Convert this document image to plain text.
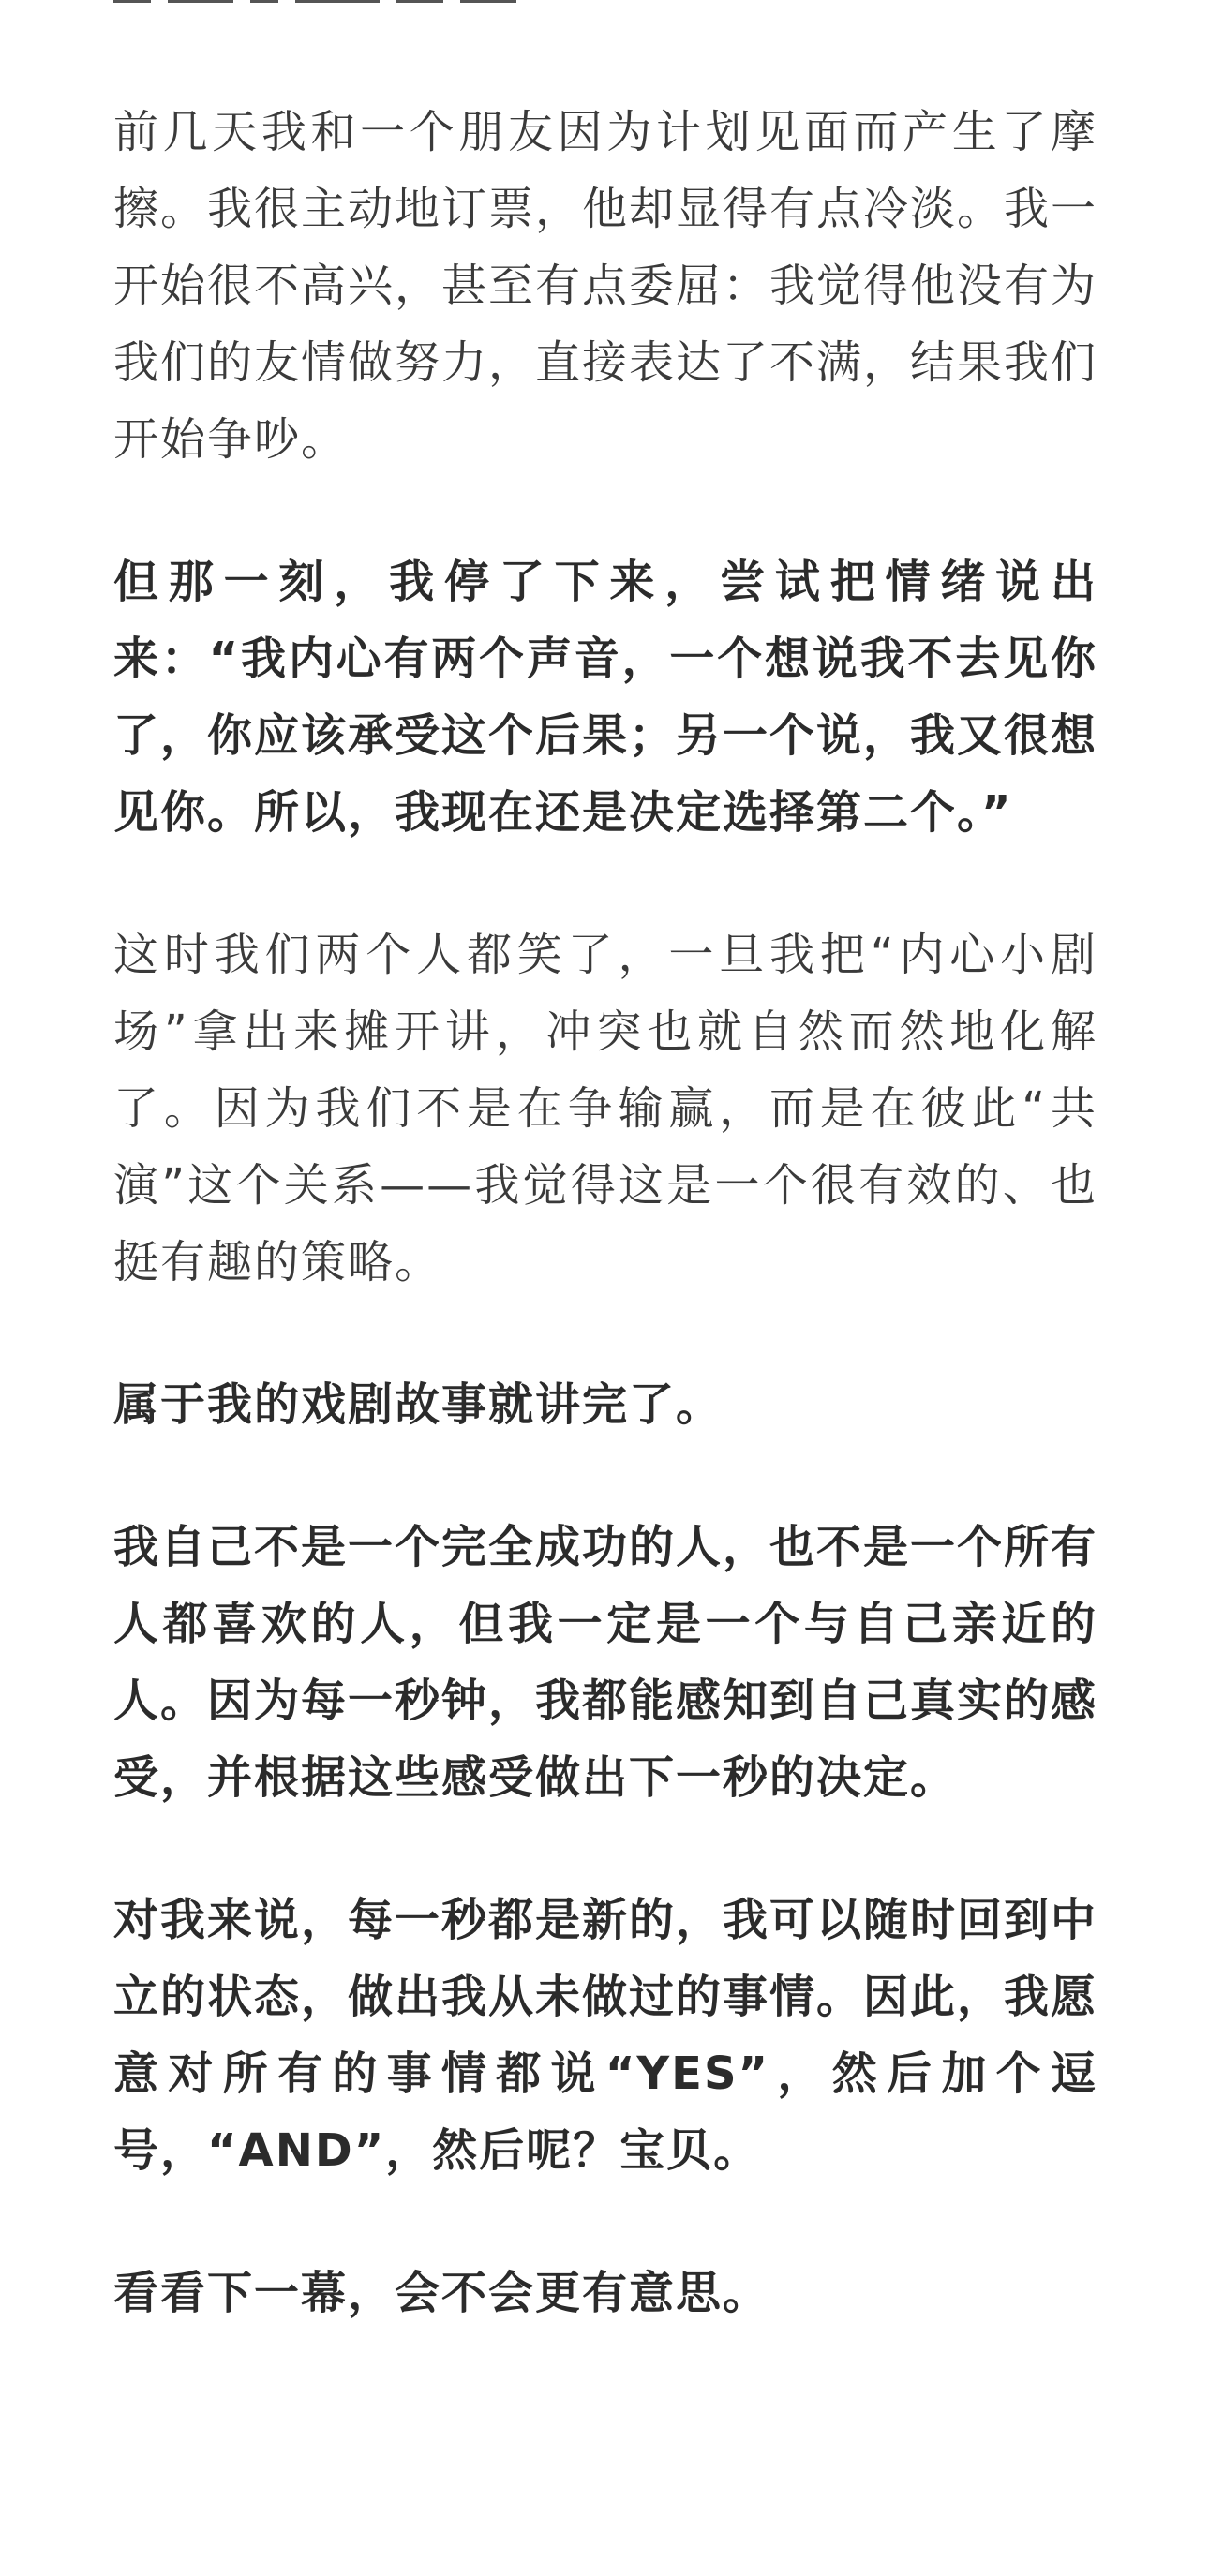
前几天我和一个朋友因为计划见面而产生了摩擦。我很主动地订票，他却显得有点冷淡。我一开始很不高兴，甚至有点委屈：我觉得他没有为我们的友情做努力，直接表达了不满，结果我们开始争吵。

但那一刻，我停了下来，尝试把情绪说出来：“我内心有两个声音，一个想说我不去见你了，你应该承受这个后果；另一个说，我又很想见你。所以，我现在还是决定选择第二个。”

这时我们两个人都笑了，一旦我把“内心小剧场”拿出来摊开讲，冲突也就自然而然地化解了。因为我们不是在争输赢，而是在彼此“共演”这个关系——我觉得这是一个很有效的、也挺有趣的策略。

属于我的戏剧故事就讲完了。

我自己不是一个完全成功的人，也不是一个所有人都喜欢的人，但我一定是一个与自己亲近的人。因为每一秒钟，我都能感知到自己真实的感受，并根据这些感受做出下一秒的决定。

对我来说，每一秒都是新的，我可以随时回到中立的状态，做出我从未做过的事情。因此，我愿意对所有的事情都说“YES”，然后加个逗号，“AND”，然后呢？宝贝。

看看下一幕，会不会更有意思。
